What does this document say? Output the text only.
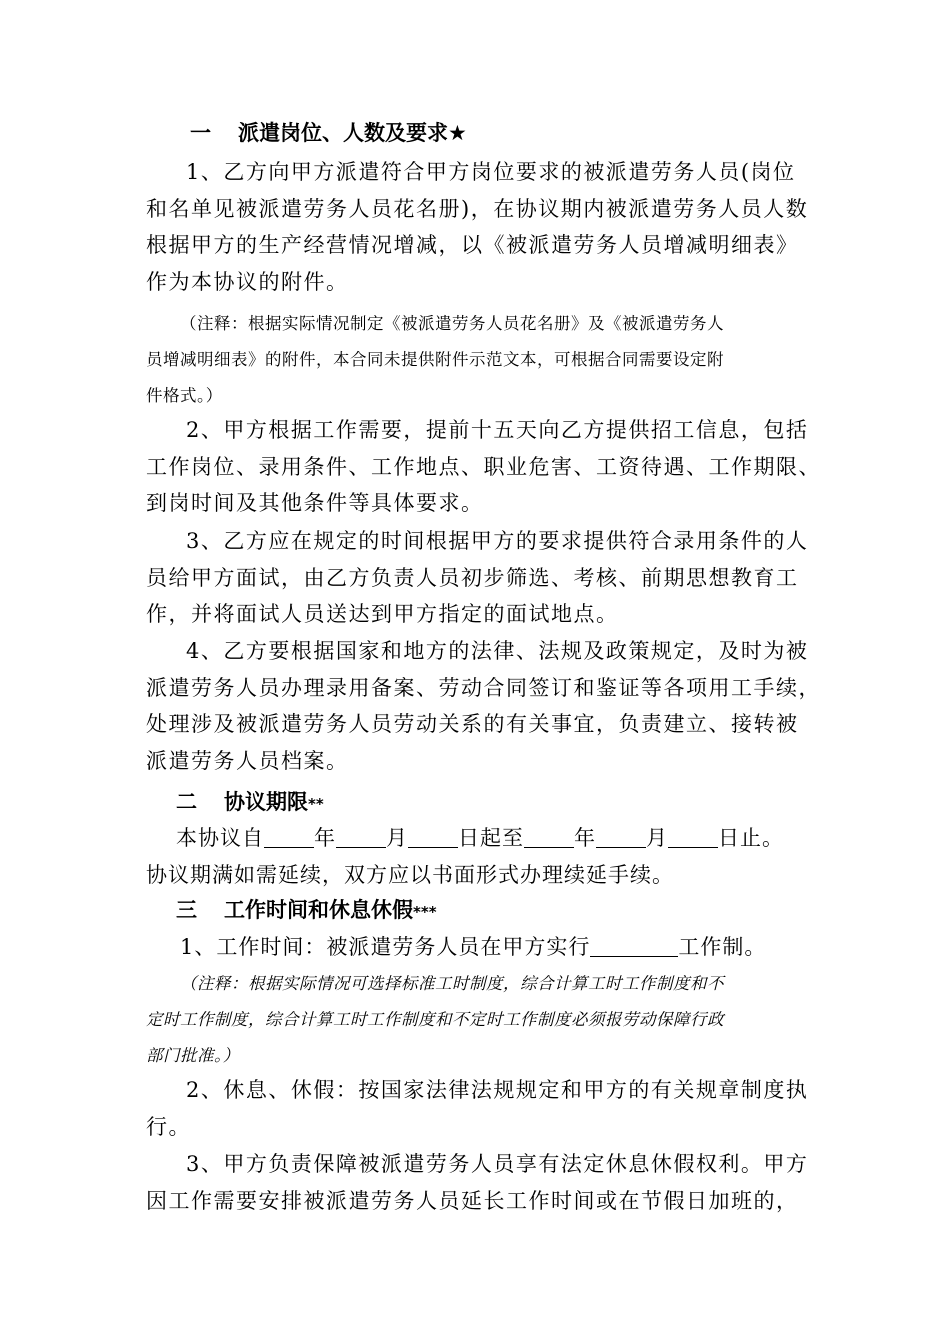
一 派遣岗位、人数及要求★
1、乙方向甲方派遣符合甲方岗位要求的被派遣劳务人员(岗位
和名单见被派遣劳务人员花名册)，在协议期内被派遣劳务人员人数
根据甲方的生产经营情况增减，以《被派遣劳务人员增减明细表》
作为本协议的附件。
（注释：根据实际情况制定《被派遣劳务人员花名册》及《被派遣劳务人
员增减明细表》的附件，本合同未提供附件示范文本，可根据合同需要设定附
件格式。）
2、甲方根据工作需要，提前十五天向乙方提供招工信息，包括
工作岗位、录用条件、工作地点、职业危害、工资待遇、工作期限、
到岗时间及其他条件等具体要求。
3、乙方应在规定的时间根据甲方的要求提供符合录用条件的人
员给甲方面试，由乙方负责人员初步筛选、考核、前期思想教育工
作，并将面试人员送达到甲方指定的面试地点。
4、乙方要根据国家和地方的法律、法规及政策规定，及时为被
派遣劳务人员办理录用备案、劳动合同签订和鉴证等各项用工手续，
处理涉及被派遣劳务人员劳动关系的有关事宜，负责建立、接转被
派遣劳务人员档案。
二 协议期限**
本协议自 年 月 日起至 年 月 日止。
协议期满如需延续，双方应以书面形式办理续延手续。
三 工作时间和休息休假***
1、工作时间：被派遣劳务人员在甲方实行	工作制。
（注释：根据实际情况可选择标准工时制度，综合计算工时工作制度和不
定时工作制度，综合计算工时工作制度和不定时工作制度必须报劳动保障行政
部门批准。）
2、休息、休假：按国家法律法规规定和甲方的有关规章制度执
行。
3、甲方负责保障被派遣劳务人员享有法定休息休假权利。甲方
因工作需要安排被派遣劳务人员延长工作时间或在节假日加班的，
